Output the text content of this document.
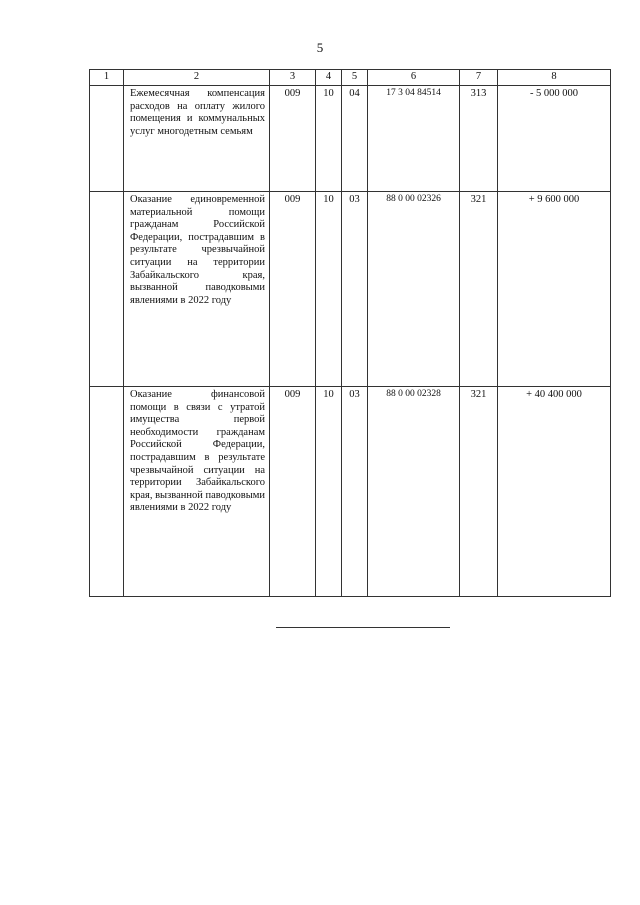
5
1	2	3	4	5	6	7	8
	Ежемесячная компенсация расходов на оплату жилого помещения и коммунальных услуг многодетным семьям	009	10	04	17 3 04 84514	313	- 5 000 000
	Оказание единовременной материальной помощи гражданам Российской Федерации, пострадавшим в результате чрезвычайной ситуации на территории Забайкальского края, вызванной паводковыми явлениями в 2022 году	009	10	03	88 0 00 02326	321	+ 9 600 000
	Оказание финансовой помощи в связи с утратой имущества первой необходимости гражданам Российской Федерации, пострадавшим в результате чрезвычайной ситуации на территории Забайкальского края, вызванной паводковыми явлениями в 2022 году	009	10	03	88 0 00 02328	321	+ 40 400 000
